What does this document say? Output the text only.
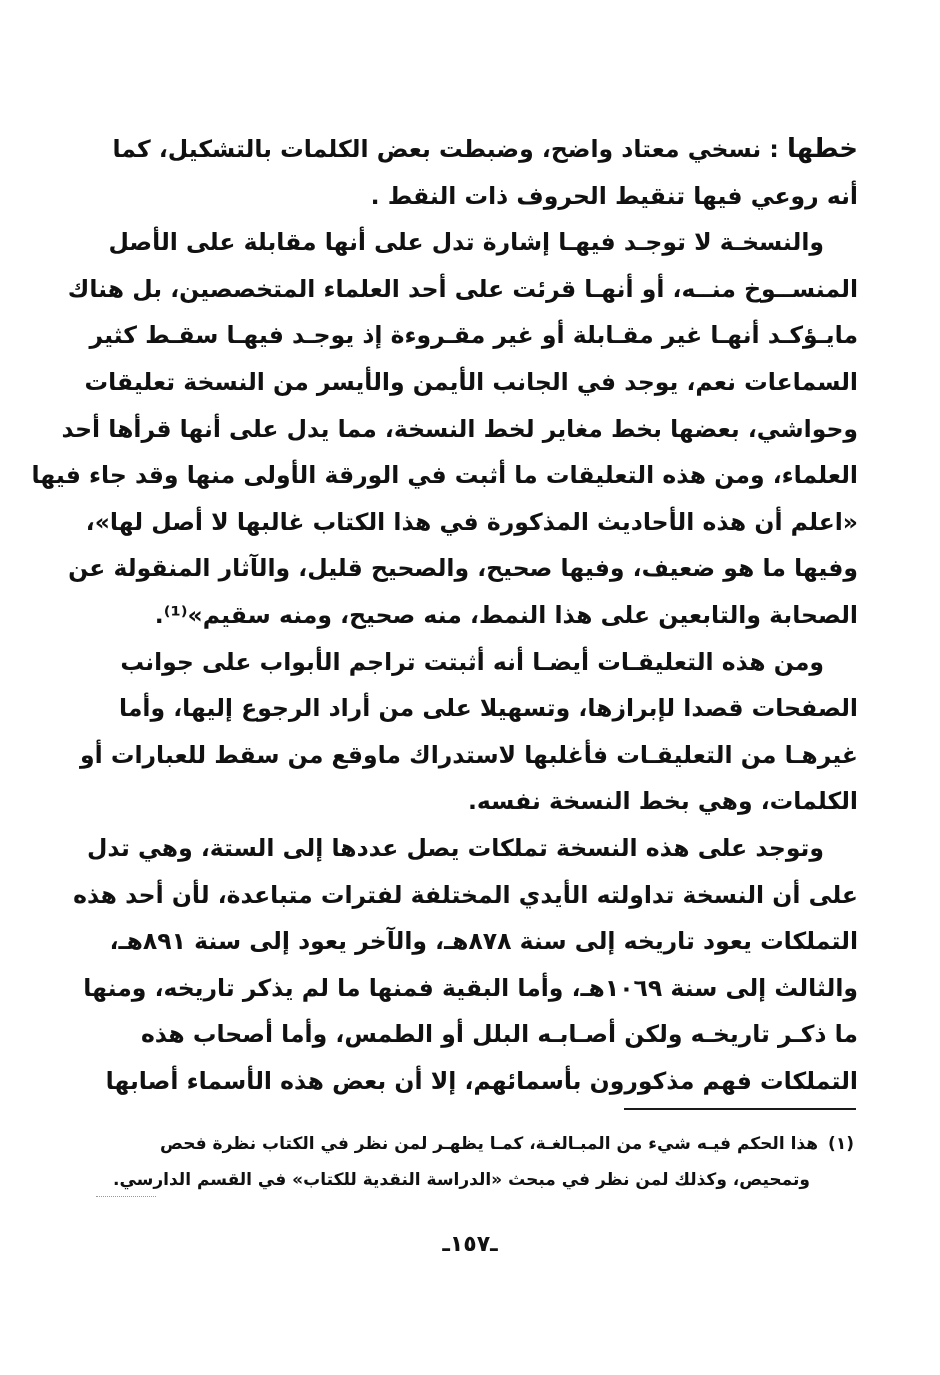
خطها : نسخي معتاد واضح، وضبطت بعض الكلمات بالتشكيل، كما
أنه روعي فيها تنقيط الحروف ذات النقط .
والنسخـة لا توجـد فيهـا إشارة تدل على أنها مقابلة على الأصل
المنســوخ منــه، أو أنهـا قرئت على أحد العلماء المتخصصين، بل هناك
مايـؤكـد أنهـا غير مقـابلة أو غير مقـروءة إذ يوجـد فيهـا سقـط كثير
السماعات نعم، يوجد في الجانب الأيمن والأيسر من النسخة تعليقات
وحواشي، بعضها بخط مغاير لخط النسخة، مما يدل على أنها قرأها أحد
العلماء، ومن هذه التعليقات ما أثبت في الورقة الأولى منها وقد جاء فيها
«اعلم أن هذه الأحاديث المذكورة في هذا الكتاب غالبها لا أصل لها»،
وفيها ما هو ضعيف، وفيها صحيح، والصحيح قليل، والآثار المنقولة عن
الصحابة والتابعين على هذا النمط، منه صحيح، ومنه سقيم»⁽¹⁾.
ومن هذه التعليقـات أيضـا أنه أثبتت تراجم الأبواب على جوانب
الصفحات قصدا لإبرازها، وتسهيلا على من أراد الرجوع إليها، وأما
غيرهـا من التعليقـات فأغلبها لاستدراك ماوقع من سقط للعبارات أو
الكلمات، وهي بخط النسخة نفسه.
وتوجد على هذه النسخة تملكات يصل عددها إلى الستة، وهي تدل
على أن النسخة تداولته الأيدي المختلفة لفترات متباعدة، لأن أحد هذه
التملكات يعود تاريخه إلى سنة ٨٧٨هـ، والآخر يعود إلى سنة ٨٩١هـ،
والثالث إلى سنة ١٠٦٩هـ، وأما البقية فمنها ما لم يذكر تاريخه، ومنها
ما ذكـر تاريخـه ولكن أصـابـه البلل أو الطمس، وأما أصحاب هذه
التملكات فهم مذكورون بأسمائهم، إلا أن بعض هذه الأسماء أصابها
(١)هذا الحكم فيـه شيء من المبـالغـة، كمـا يظهـر لمن نظر في الكتاب نظرة فحص
وتمحيص، وكذلك لمن نظر في مبحث «الدراسة النقدية للكتاب» في القسم الدارسي.
ـ١٥٧ـ
